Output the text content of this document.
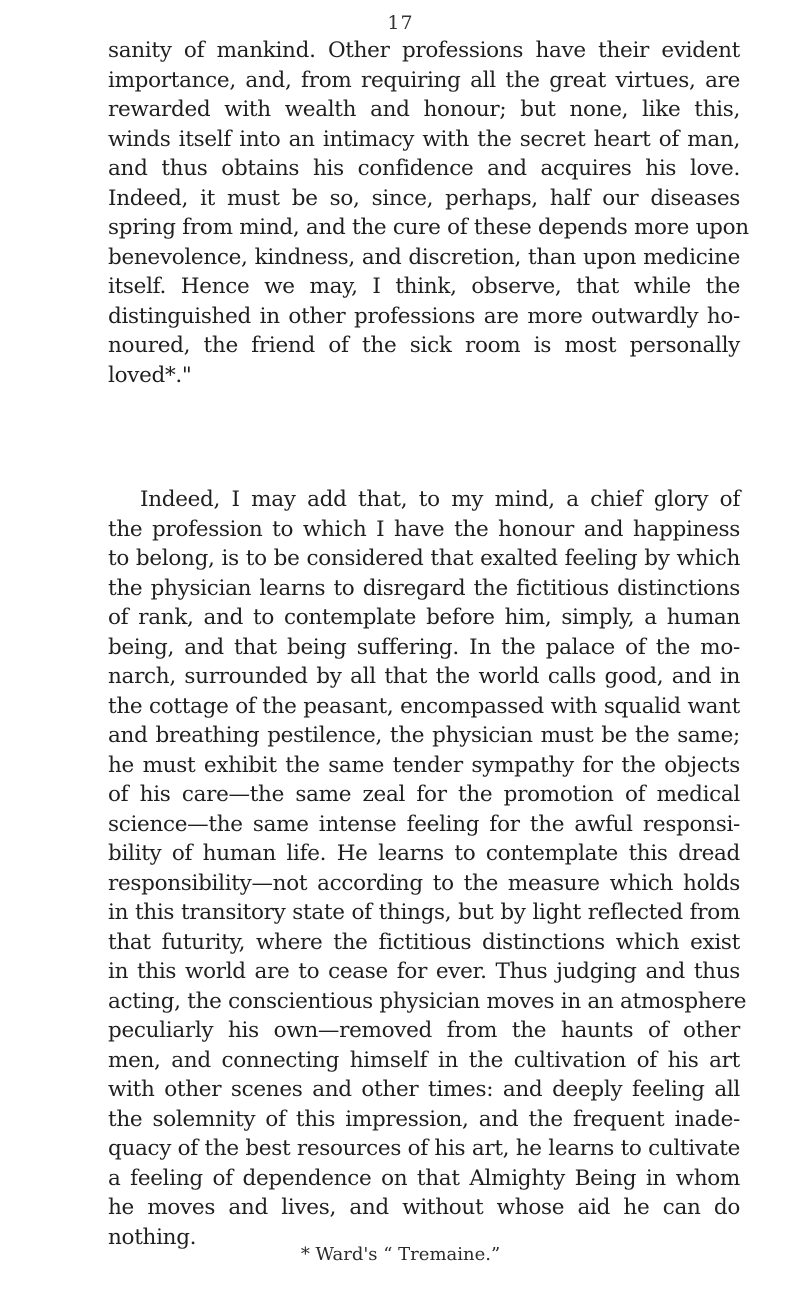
17
sanity of mankind. Other professions have their evident
importance, and, from requiring all the great virtues, are
rewarded with wealth and honour; but none, like this,
winds itself into an intimacy with the secret heart of man,
and thus obtains his confidence and acquires his love.
Indeed, it must be so, since, perhaps, half our diseases
spring from mind, and the cure of these depends more upon
benevolence, kindness, and discretion, than upon medicine
itself. Hence we may, I think, observe, that while the
distinguished in other professions are more outwardly ho-
noured, the friend of the sick room is most personally
loved*."
Indeed, I may add that, to my mind, a chief glory of
the profession to which I have the honour and happiness
to belong, is to be considered that exalted feeling by which
the physician learns to disregard the fictitious distinctions
of rank, and to contemplate before him, simply, a human
being, and that being suffering. In the palace of the mo-
narch, surrounded by all that the world calls good, and in
the cottage of the peasant, encompassed with squalid want
and breathing pestilence, the physician must be the same;
he must exhibit the same tender sympathy for the objects
of his care—the same zeal for the promotion of medical
science—the same intense feeling for the awful responsi-
bility of human life. He learns to contemplate this dread
responsibility—not according to the measure which holds
in this transitory state of things, but by light reflected from
that futurity, where the fictitious distinctions which exist
in this world are to cease for ever. Thus judging and thus
acting, the conscientious physician moves in an atmosphere
peculiarly his own—removed from the haunts of other
men, and connecting himself in the cultivation of his art
with other scenes and other times: and deeply feeling all
the solemnity of this impression, and the frequent inade-
quacy of the best resources of his art, he learns to cultivate
a feeling of dependence on that Almighty Being in whom
he moves and lives, and without whose aid he can do
nothing.
* Ward's “ Tremaine.”
